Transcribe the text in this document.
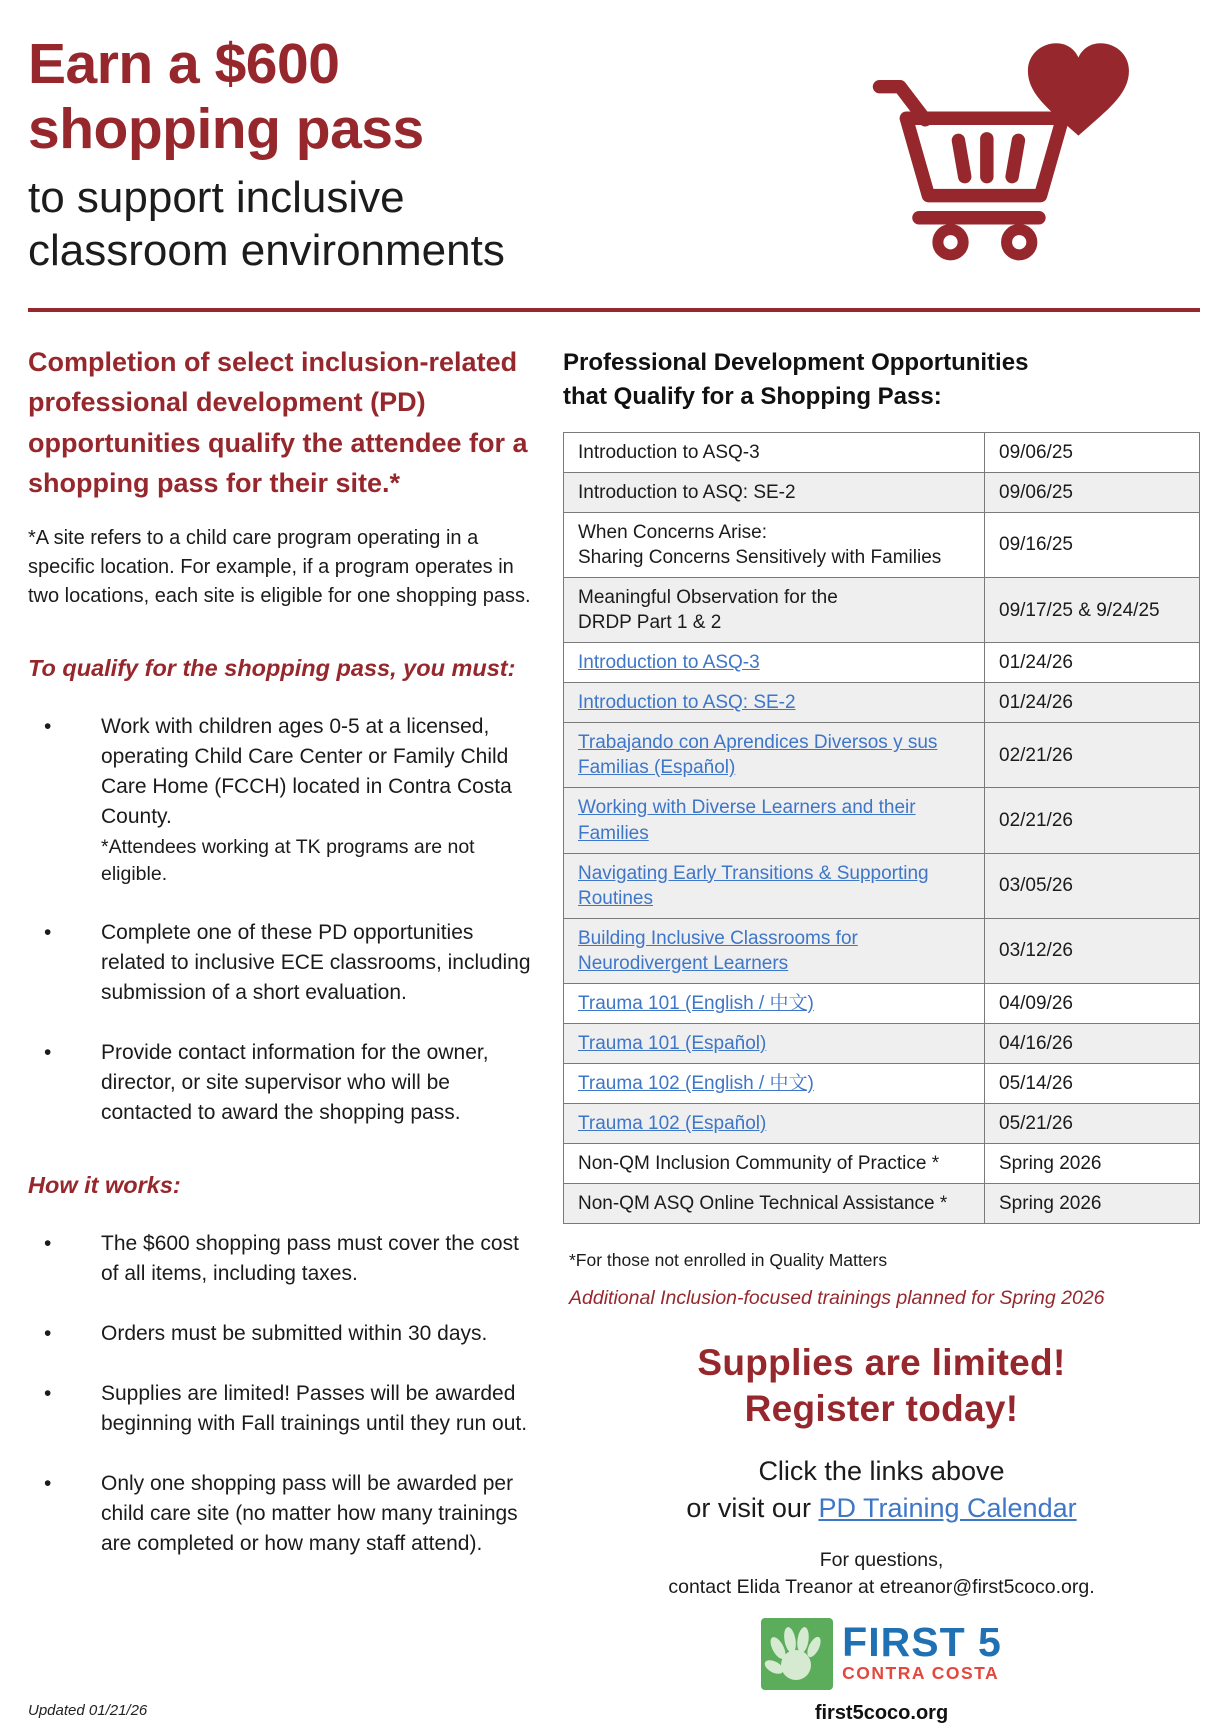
Earn a $600
shopping pass

to support inclusive
classroom environments

Completion of select inclusion-related professional development (PD) opportunities qualify the attendee for a shopping pass for their site.*

*A site refers to a child care program operating in a specific location. For example, if a program operates in two locations, each site is eligible for one shopping pass.

To qualify for the shopping pass, you must:
• Work with children ages 0-5 at a licensed, operating Child Care Center or Family Child Care Home (FCCH) located in Contra Costa County.
*Attendees working at TK programs are not eligible.
• Complete one of these PD opportunities related to inclusive ECE classrooms, including submission of a short evaluation.
• Provide contact information for the owner, director, or site supervisor who will be contacted to award the shopping pass.
How it works:
• The $600 shopping pass must cover the cost of all items, including taxes.
• Orders must be submitted within 30 days.
• Supplies are limited! Passes will be awarded beginning with Fall trainings until they run out.
• Only one shopping pass will be awarded per child care site (no matter how many trainings are completed or how many staff attend).
Professional Development Opportunities
that Qualify for a Shopping Pass:
Introduction to ASQ-3	09/06/25
Introduction to ASQ: SE-2	09/06/25
When Concerns Arise:
Sharing Concerns Sensitively with Families	09/16/25
Meaningful Observation for the
DRDP Part 1 & 2	09/17/25 & 9/24/25
Introduction to ASQ-3	01/24/26
Introduction to ASQ: SE-2	01/24/26
Trabajando con Aprendices Diversos y sus Familias (Español)	02/21/26
Working with Diverse Learners and their Families	02/21/26
Navigating Early Transitions & Supporting Routines	03/05/26
Building Inclusive Classrooms for Neurodivergent Learners	03/12/26
Trauma 101 (English / 中文)	04/09/26
Trauma 101 (Español)	04/16/26
Trauma 102 (English / 中文)	05/14/26
Trauma 102 (Español)	05/21/26
Non-QM Inclusion Community of Practice *	Spring 2026
Non-QM ASQ Online Technical Assistance *	Spring 2026

*For those not enrolled in Quality Matters

Additional Inclusion-focused trainings planned for Spring 2026

Supplies are limited!
Register today!

Click the links above
or visit our PD Training Calendar

For questions,
contact Elida Treanor at etreanor@first5coco.org.

FIRST 5
CONTRA COSTA

first5coco.org

Updated 01/21/26
